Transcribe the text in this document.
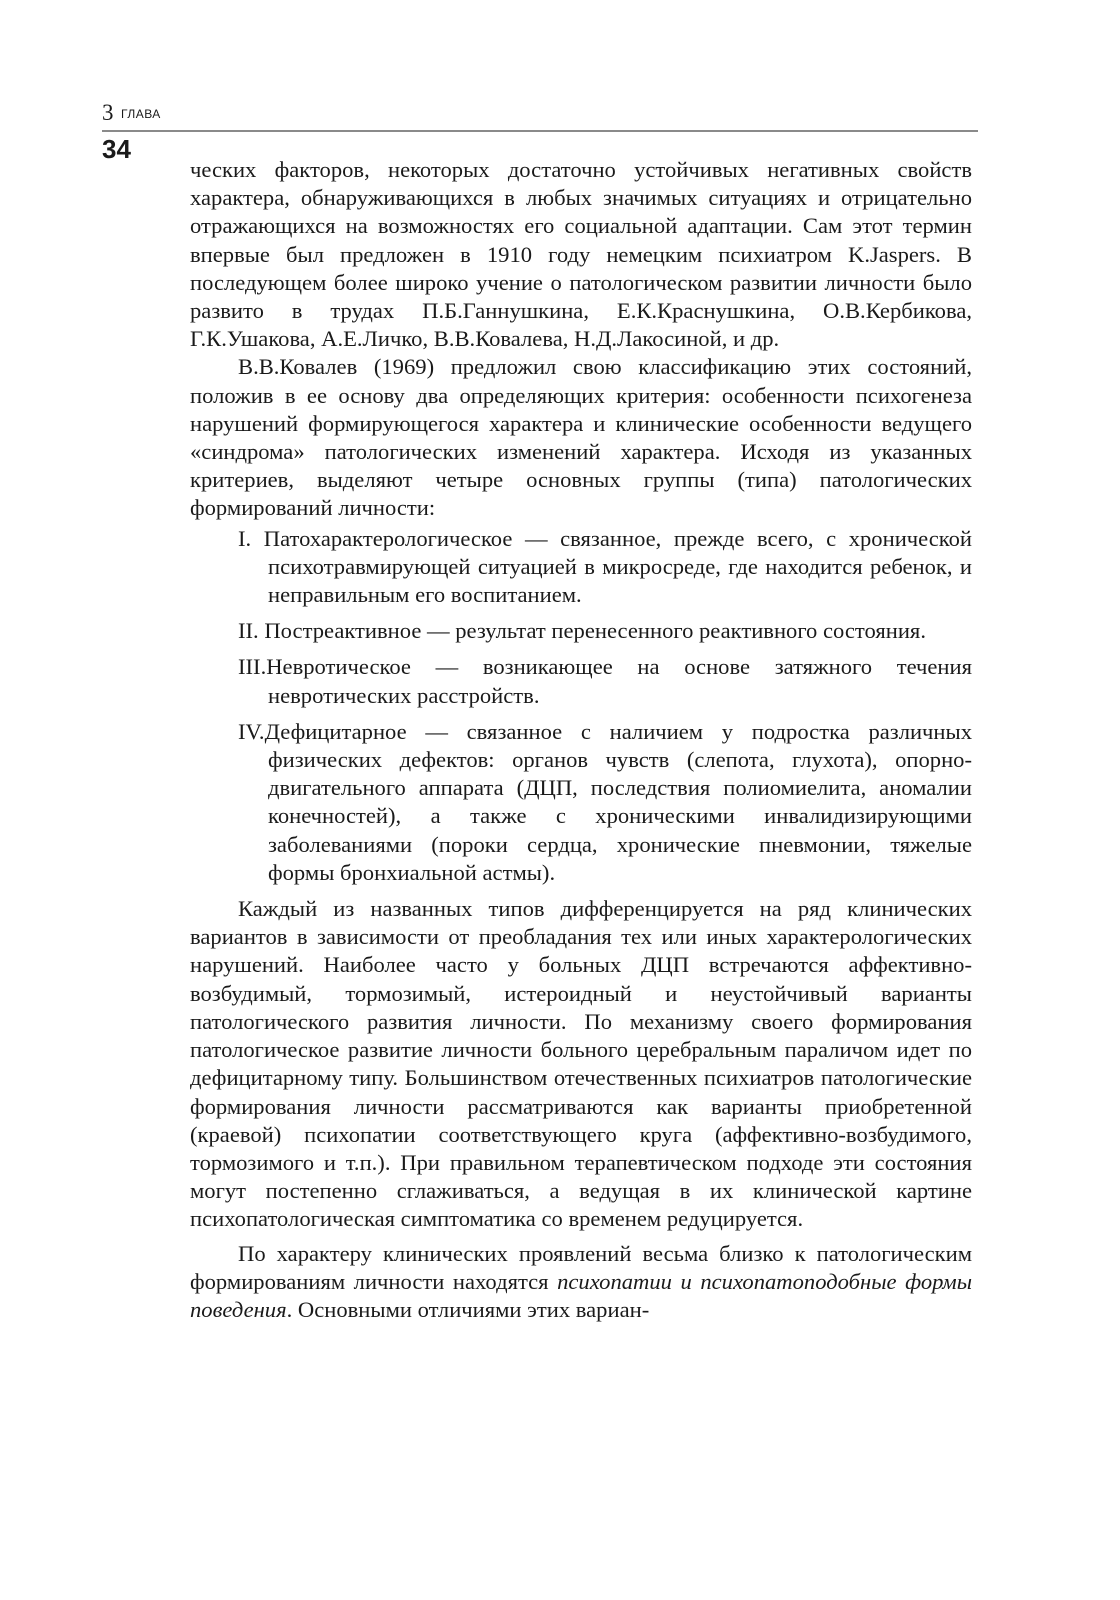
3 ГЛАВА
34

ческих факторов, некоторых достаточно устойчивых негативных свойств характера, обнаруживающихся в любых значимых ситуациях и отрицательно отражающихся на возможностях его социальной адаптации. Сам этот термин впервые был предложен в 1910 году немецким психиатром K.Jaspers. В последующем более широко учение о патологическом развитии личности было развито в трудах П.Б.Ганнушкина, Е.К.Краснушкина, О.В.Кербикова, Г.К.Ушакова, А.Е.Личко, В.В.Ковалева, Н.Д.Лакосиной, и др.

В.В.Ковалев (1969) предложил свою классификацию этих состояний, положив в ее основу два определяющих критерия: особенности психогенеза нарушений формирующегося характера и клинические особенности ведущего «синдрома» патологических изменений характера. Исходя из указанных критериев, выделяют четыре основных группы (типа) патологических формирований личности:

I. Патохарактерологическое — связанное, прежде всего, с хронической психотравмирующей ситуацией в микросреде, где находится ребенок, и неправильным его воспитанием.
II. Постреактивное — результат перенесенного реактивного состояния.
III.Невротическое — возникающее на основе затяжного течения невротических расстройств.
IV.Дефицитарное — связанное с наличием у подростка различных физических дефектов: органов чувств (слепота, глухота), опорно-двигательного аппарата (ДЦП, последствия полиомиелита, аномалии конечностей), а также с хроническими инвалидизирующими заболеваниями (пороки сердца, хронические пневмонии, тяжелые формы бронхиальной астмы).

Каждый из названных типов дифференцируется на ряд клинических вариантов в зависимости от преобладания тех или иных характерологических нарушений. Наиболее часто у больных ДЦП встречаются аффективно-возбудимый, тормозимый, истероидный и неустойчивый варианты патологического развития личности. По механизму своего формирования патологическое развитие личности больного церебральным параличом идет по дефицитарному типу. Большинством отечественных психиатров патологические формирования личности рассматриваются как варианты приобретенной (краевой) психопатии соответствующего круга (аффективно-возбудимого, тормозимого и т.п.). При правильном терапевтическом подходе эти состояния могут постепенно сглаживаться, а ведущая в их клинической картине психопатологическая симптоматика со временем редуцируется.

По характеру клинических проявлений весьма близко к патологическим формированиям личности находятся психопатии и психопатоподобные формы поведения. Основными отличиями этих вариан-
